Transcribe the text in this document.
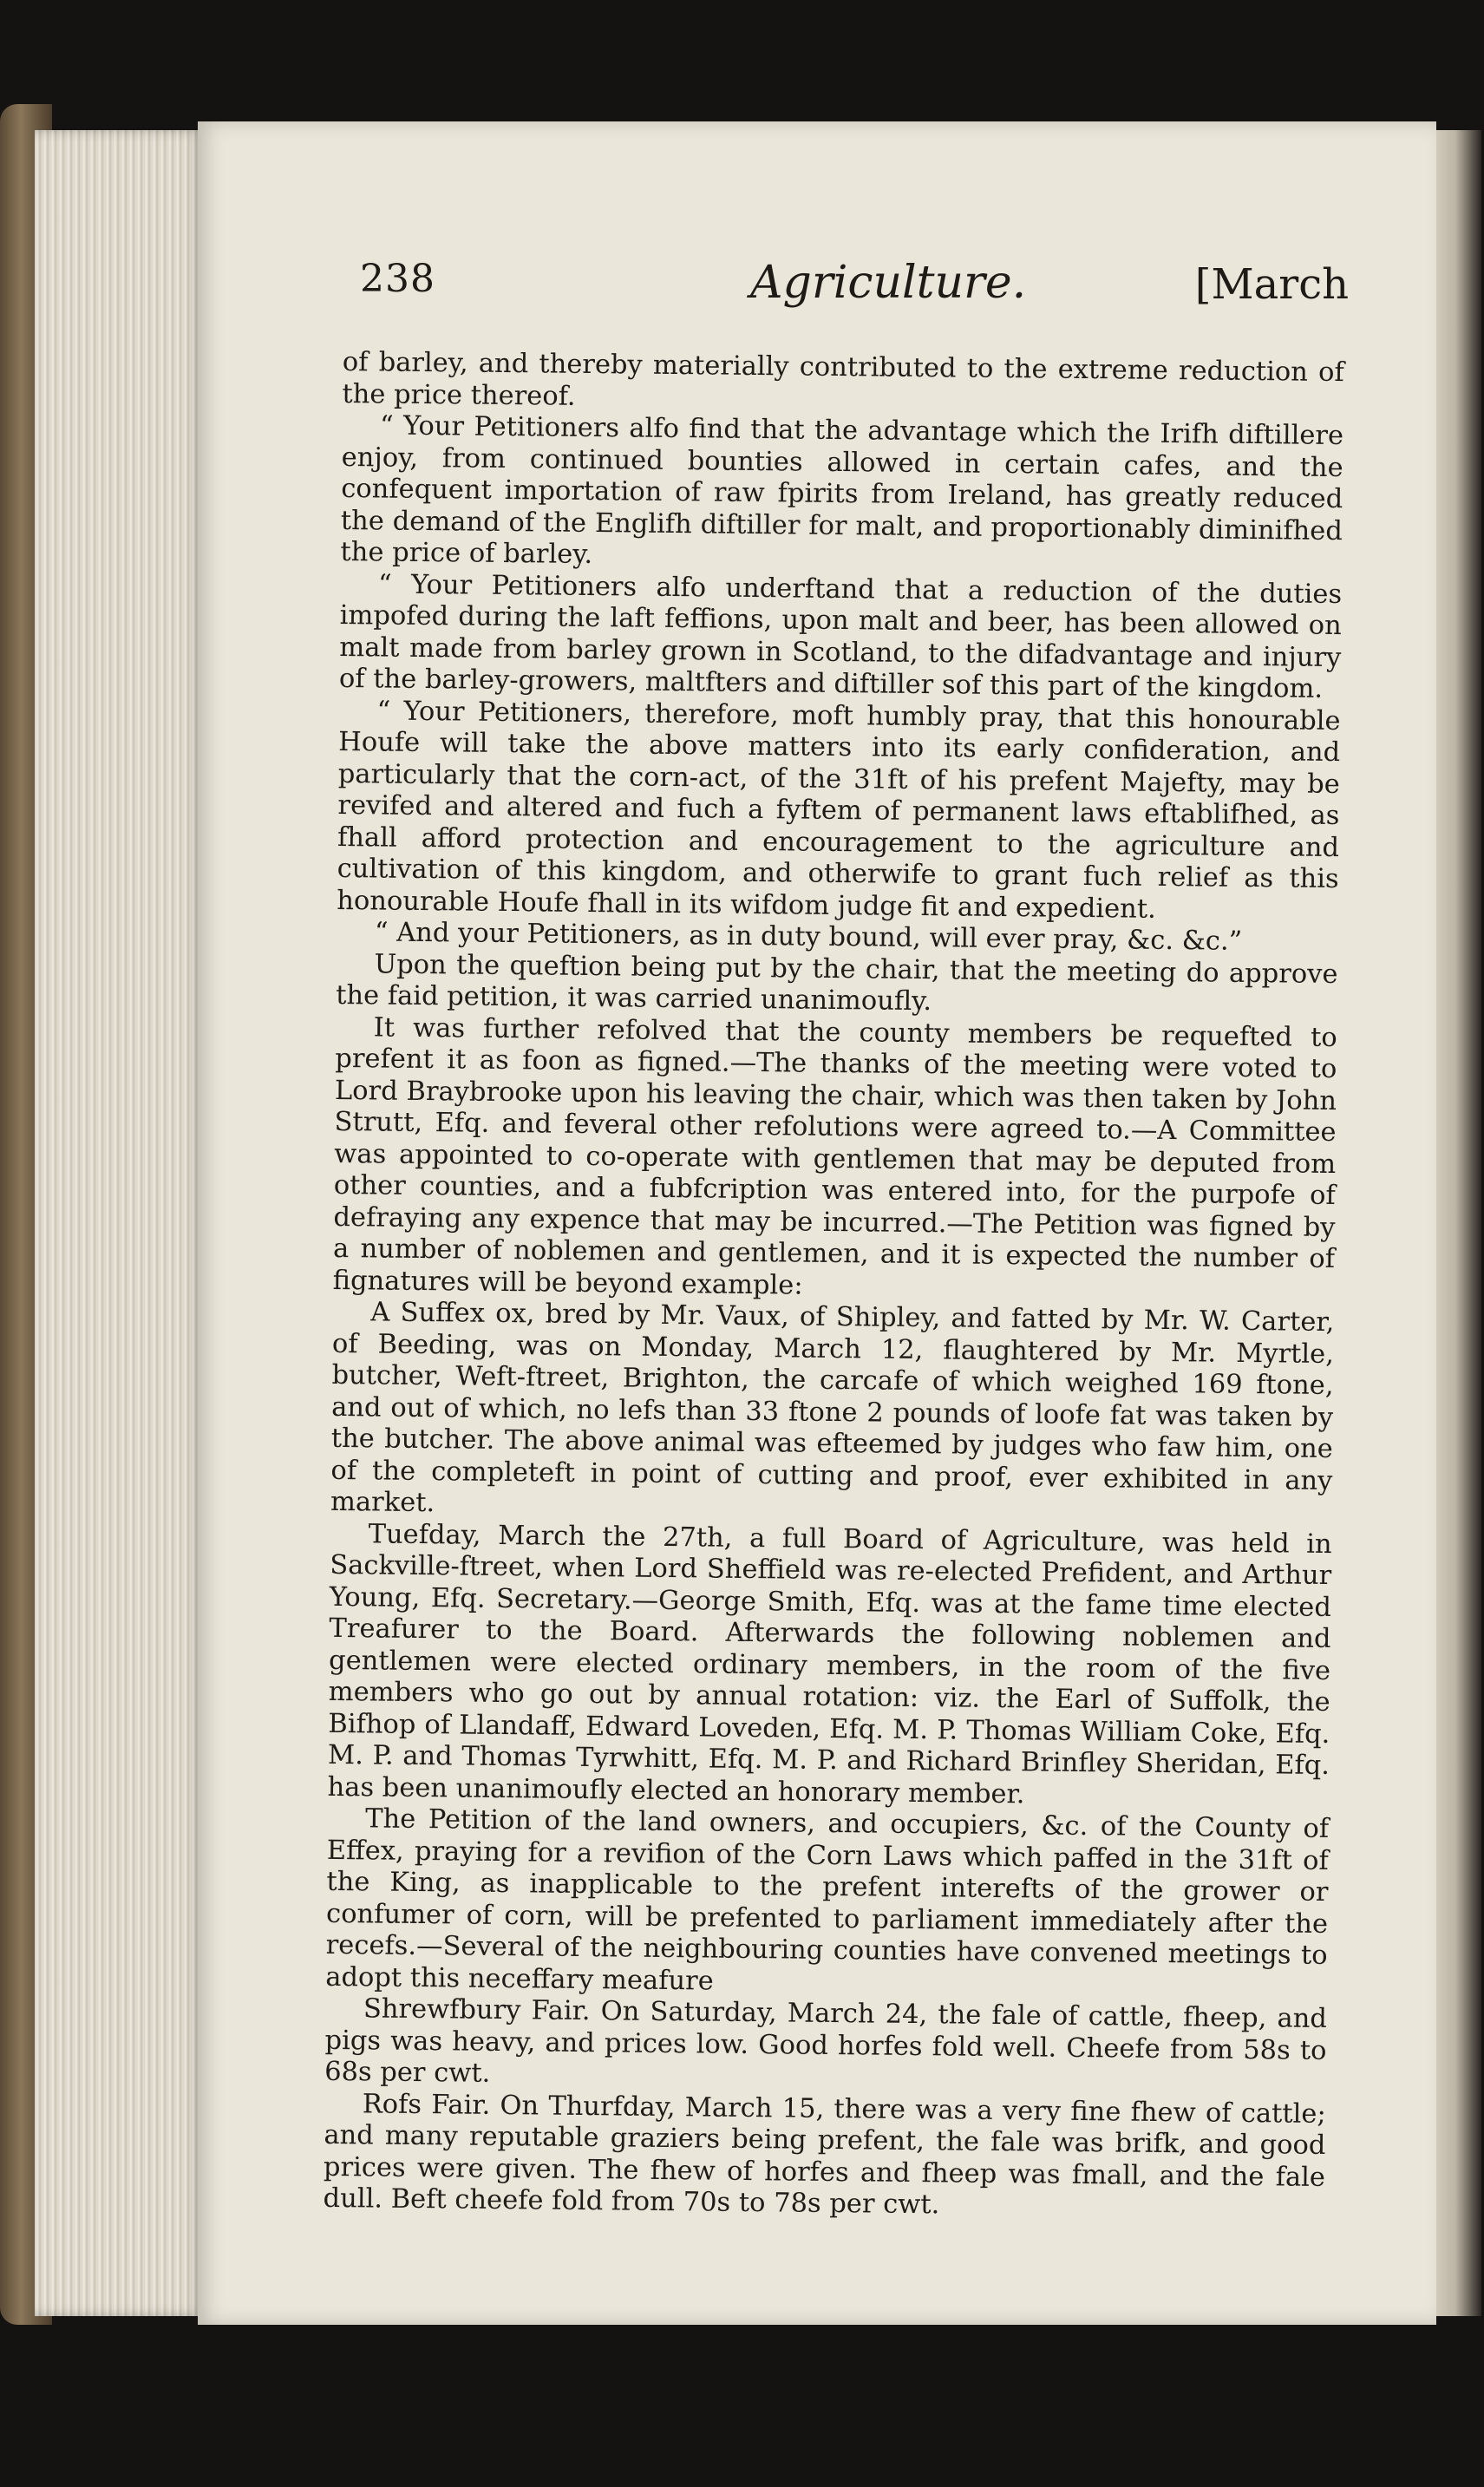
238	Agriculture.	[March

of barley, and thereby materially contributed to the extreme reduction of the price thereof.

“ Your Petitioners alfo find that the advantage which the Irifh diftillere enjoy, from continued bounties allowed in certain cafes, and the confequent importation of raw fpirits from Ireland, has greatly reduced the demand of the Englifh diftiller for malt, and proportionably diminifhed the price of barley.

“ Your Petitioners alfo underftand that a reduction of the duties impofed during the laft feffions, upon malt and beer, has been allowed on malt made from barley grown in Scotland, to the difadvantage and injury of the barley-growers, maltfters and diftiller sof this part of the kingdom.

“ Your Petitioners, therefore, moft humbly pray, that this honourable Houfe will take the above matters into its early confideration, and particularly that the corn-act, of the 31ft of his prefent Majefty, may be revifed and altered and fuch a fyftem of permanent laws eftablifhed, as fhall afford protection and encouragement to the agriculture and cultivation of this kingdom, and otherwife to grant fuch relief as this honourable Houfe fhall in its wifdom judge fit and expedient.

“ And your Petitioners, as in duty bound, will ever pray, &c. &c.”

Upon the queftion being put by the chair, that the meeting do approve the faid petition, it was carried unanimoufly.

It was further refolved that the county members be requefted to prefent it as foon as figned.—The thanks of the meeting were voted to Lord Braybrooke upon his leaving the chair, which was then taken by John Strutt, Efq. and feveral other refolutions were agreed to.—A Committee was appointed to co-operate with gentlemen that may be deputed from other counties, and a fubfcription was entered into, for the purpofe of defraying any expence that may be incurred.—The Petition was figned by a number of noblemen and gentlemen, and it is expected the number of fignatures will be beyond example:

A Suffex ox, bred by Mr. Vaux, of Shipley, and fatted by Mr. W. Carter, of Beeding, was on Monday, March 12, flaughtered by Mr. Myrtle, butcher, Weft-ftreet, Brighton, the carcafe of which weighed 169 ftone, and out of which, no lefs than 33 ftone 2 pounds of loofe fat was taken by the butcher. The above animal was efteemed by judges who faw him, one of the completeft in point of cutting and proof, ever exhibited in any market.

Tuefday, March the 27th, a full Board of Agriculture, was held in Sackville-ftreet, when Lord Sheffield was re-elected Prefident, and Arthur Young, Efq. Secretary.—George Smith, Efq. was at the fame time elected Treafurer to the Board. Afterwards the following noblemen and gentlemen were elected ordinary members, in the room of the five members who go out by annual rotation: viz. the Earl of Suffolk, the Bifhop of Llandaff, Edward Loveden, Efq. M. P. Thomas William Coke, Efq. M. P. and Thomas Tyrwhitt, Efq. M. P. and Richard Brinfley Sheridan, Efq. has been unanimoufly elected an honorary member.

The Petition of the land owners, and occupiers, &c. of the County of Effex, praying for a revifion of the Corn Laws which paffed in the 31ft of the King, as inapplicable to the prefent interefts of the grower or confumer of corn, will be prefented to parliament immediately after the recefs.—Several of the neighbouring counties have convened meetings to adopt this neceffary meafure

Shrewfbury Fair. On Saturday, March 24, the fale of cattle, fheep, and pigs was heavy, and prices low. Good horfes fold well. Cheefe from 58s to 68s per cwt.

Rofs Fair. On Thurfday, March 15, there was a very fine fhew of cattle; and many reputable graziers being prefent, the fale was brifk, and good prices were given. The fhew of horfes and fheep was fmall, and the fale dull. Beft cheefe fold from 70s to 78s per cwt.
